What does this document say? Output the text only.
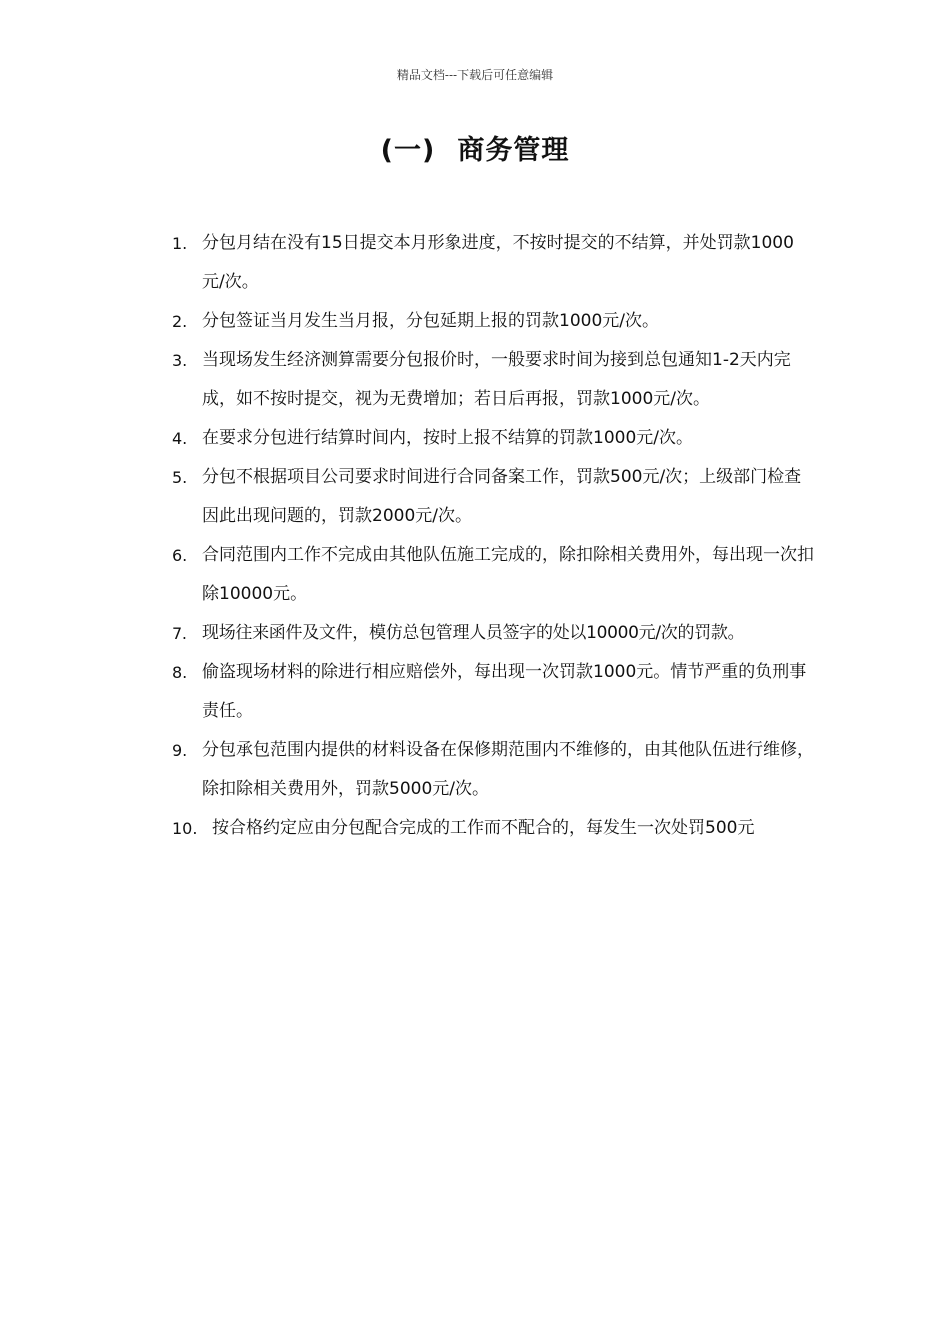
精品文档---下载后可任意编辑
(一) 商务管理
1. 分包月结在没有15日提交本月形象进度，不按时提交的不结算，并处罚款1000元/次。
2. 分包签证当月发生当月报，分包延期上报的罚款1000元/次。
3. 当现场发生经济测算需要分包报价时，一般要求时间为接到总包通知1-2天内完成，如不按时提交，视为无费增加；若日后再报，罚款1000元/次。
4. 在要求分包进行结算时间内，按时上报不结算的罚款1000元/次。
5. 分包不根据项目公司要求时间进行合同备案工作，罚款500元/次；上级部门检查因此出现问题的，罚款2000元/次。
6. 合同范围内工作不完成由其他队伍施工完成的，除扣除相关费用外，每出现一次扣除10000元。
7. 现场往来函件及文件，模仿总包管理人员签字的处以10000元/次的罚款。
8. 偷盗现场材料的除进行相应赔偿外，每出现一次罚款1000元。情节严重的负刑事责任。
9. 分包承包范围内提供的材料设备在保修期范围内不维修的，由其他队伍进行维修，除扣除相关费用外，罚款5000元/次。
10. 按合格约定应由分包配合完成的工作而不配合的，每发生一次处罚500元
